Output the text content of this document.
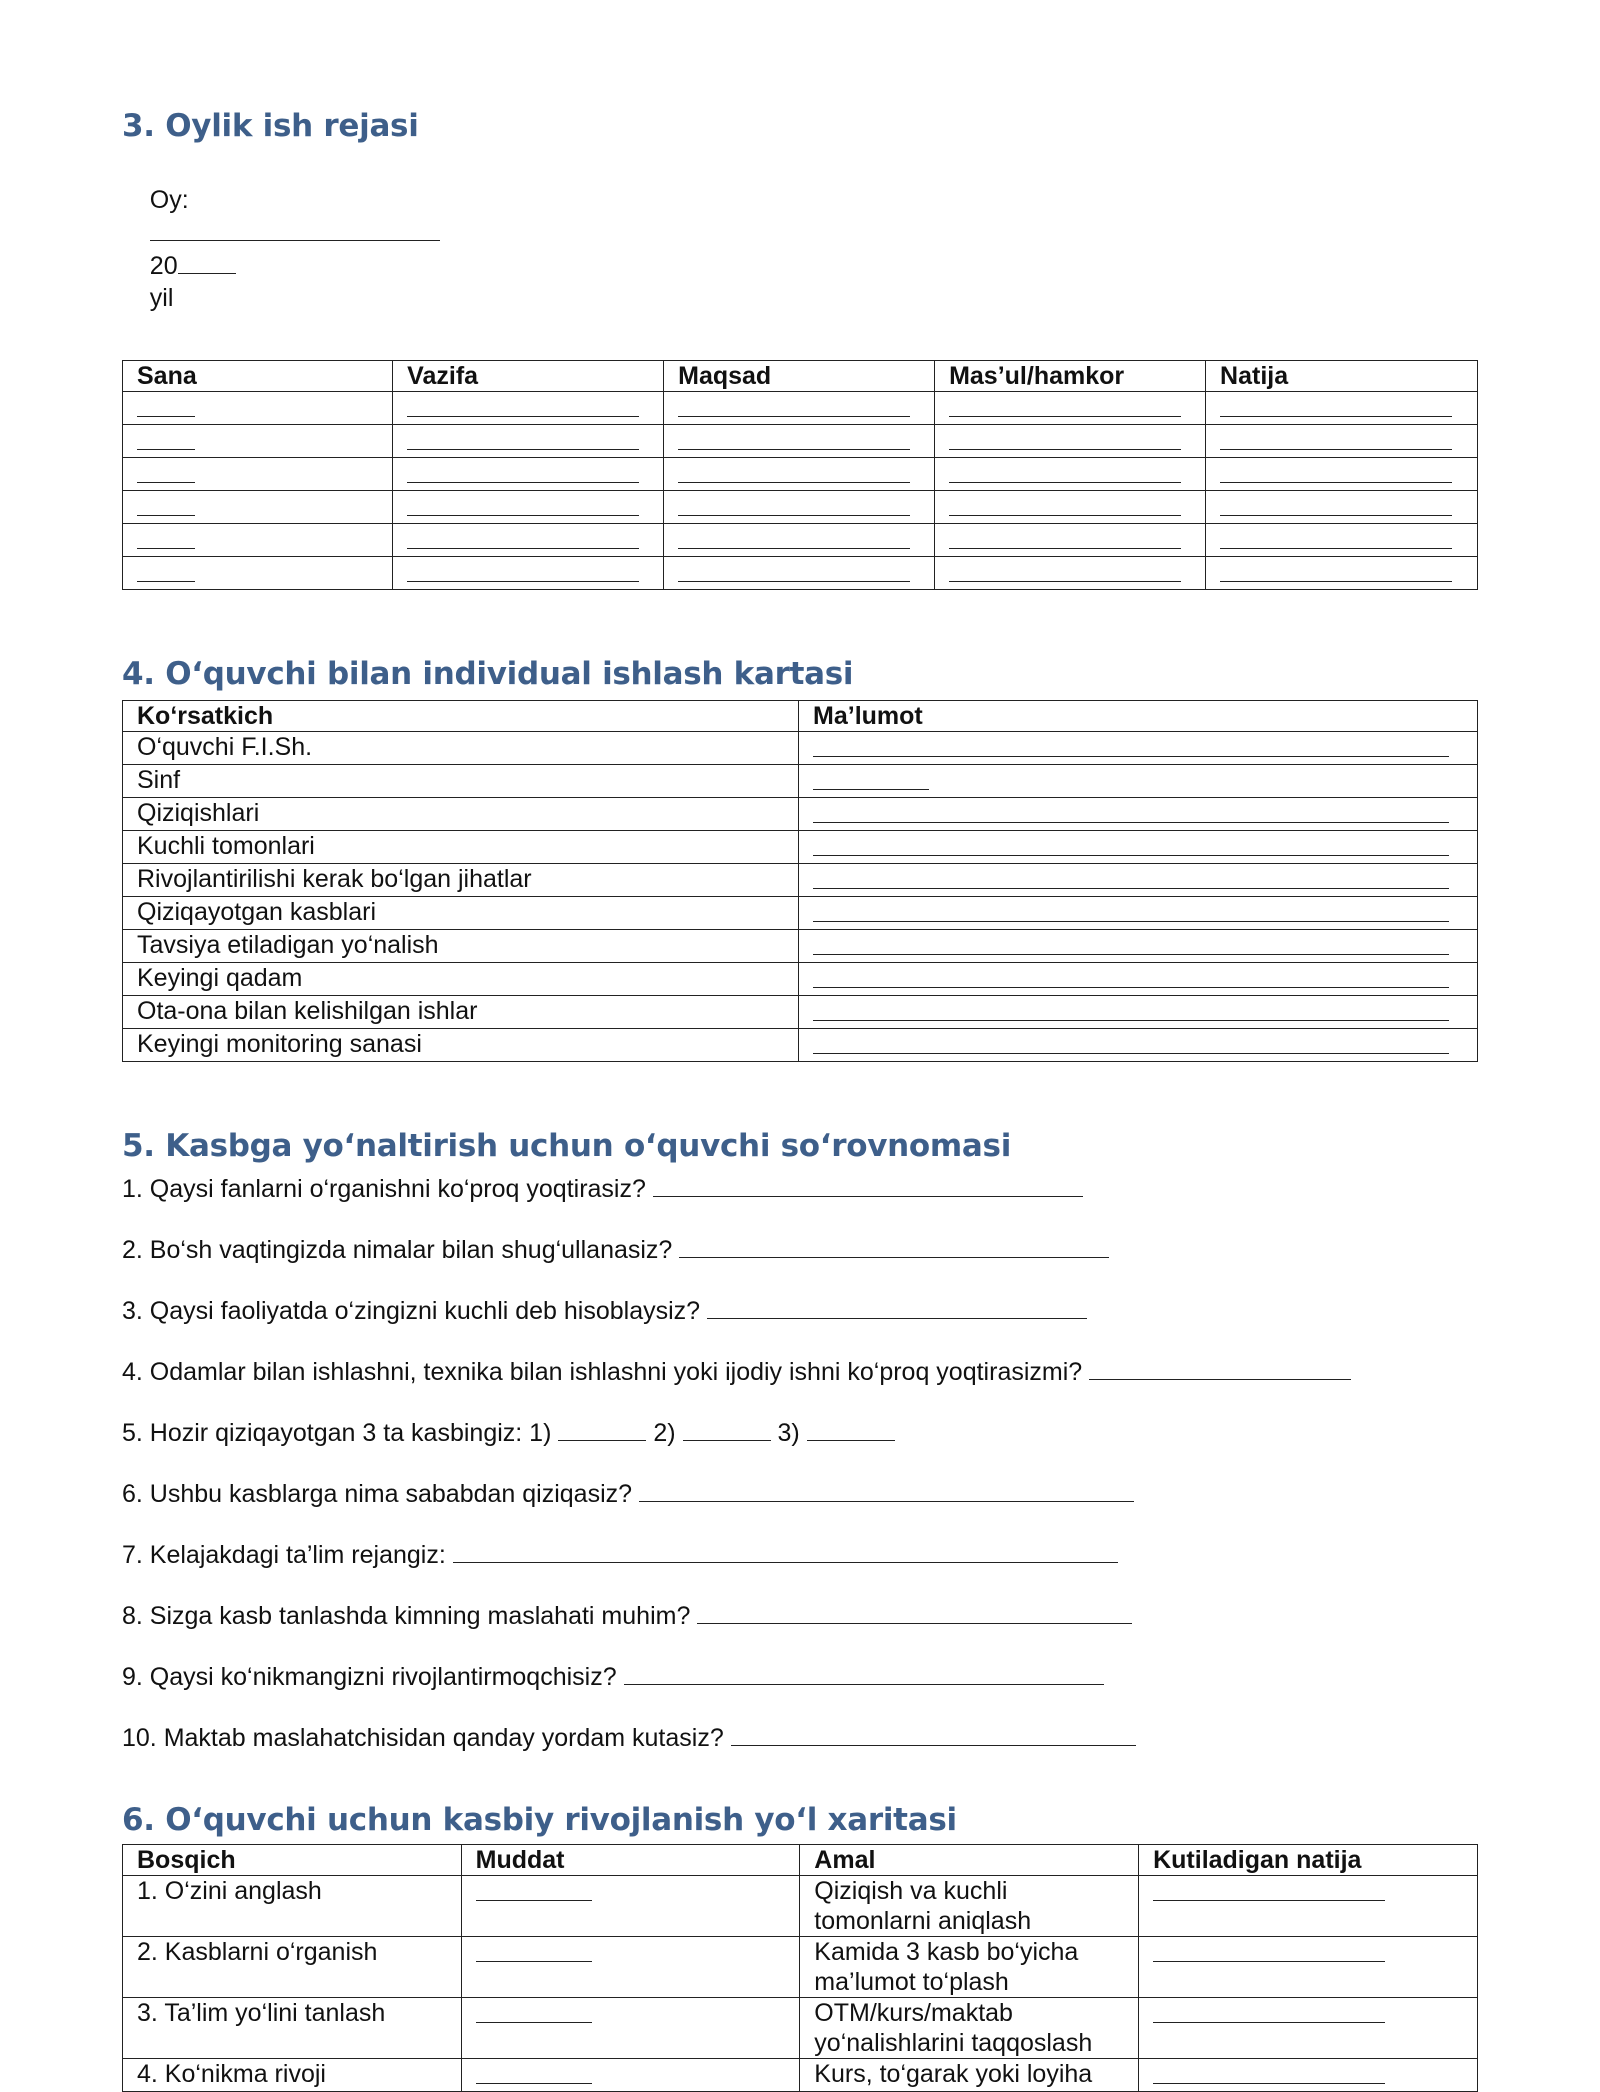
3. Oylik ish rejasi

Oy:

20
yil

Sana	Vazifa	Maqsad	Mas’ul/hamkor	Natija

4. O‘quvchi bilan individual ishlash kartasi
Ko‘rsatkich	Ma’lumot
O‘quvchi F.I.Sh.	
Sinf	
Qiziqishlari	
Kuchli tomonlari	
Rivojlantirilishi kerak bo‘lgan jihatlar	
Qiziqayotgan kasblari	
Tavsiya etiladigan yo‘nalish	
Keyingi qadam	
Ota-ona bilan kelishilgan ishlar	
Keyingi monitoring sanasi	
5. Kasbga yo‘naltirish uchun o‘quvchi so‘rovnomasi
1. Qaysi fanlarni o‘rganishni ko‘proq yoqtirasiz?
2. Bo‘sh vaqtingizda nimalar bilan shug‘ullanasiz?
3. Qaysi faoliyatda o‘zingizni kuchli deb hisoblaysiz?
4. Odamlar bilan ishlashni, texnika bilan ishlashni yoki ijodiy ishni ko‘proq yoqtirasizmi?
5. Hozir qiziqayotgan 3 ta kasbingiz: 1)	2)	3)
6. Ushbu kasblarga nima sababdan qiziqasiz?
7. Kelajakdagi ta’lim rejangiz:
8. Sizga kasb tanlashda kimning maslahati muhim?
9. Qaysi ko‘nikmangizni rivojlantirmoqchisiz?
10. Maktab maslahatchisidan qanday yordam kutasiz?
6. O‘quvchi uchun kasbiy rivojlanish yo‘l xaritasi
Bosqich	Muddat	Amal	Kutiladigan natija
1. O‘zini anglash		Qiziqish va kuchli tomonlarni aniqlash	
2. Kasblarni o‘rganish		Kamida 3 kasb bo‘yicha ma’lumot to‘plash	
3. Ta’lim yo‘lini tanlash		OTM/kurs/maktab yo‘nalishlarini taqqoslash	
4. Ko‘nikma rivoji		Kurs, to‘garak yoki loyiha	
